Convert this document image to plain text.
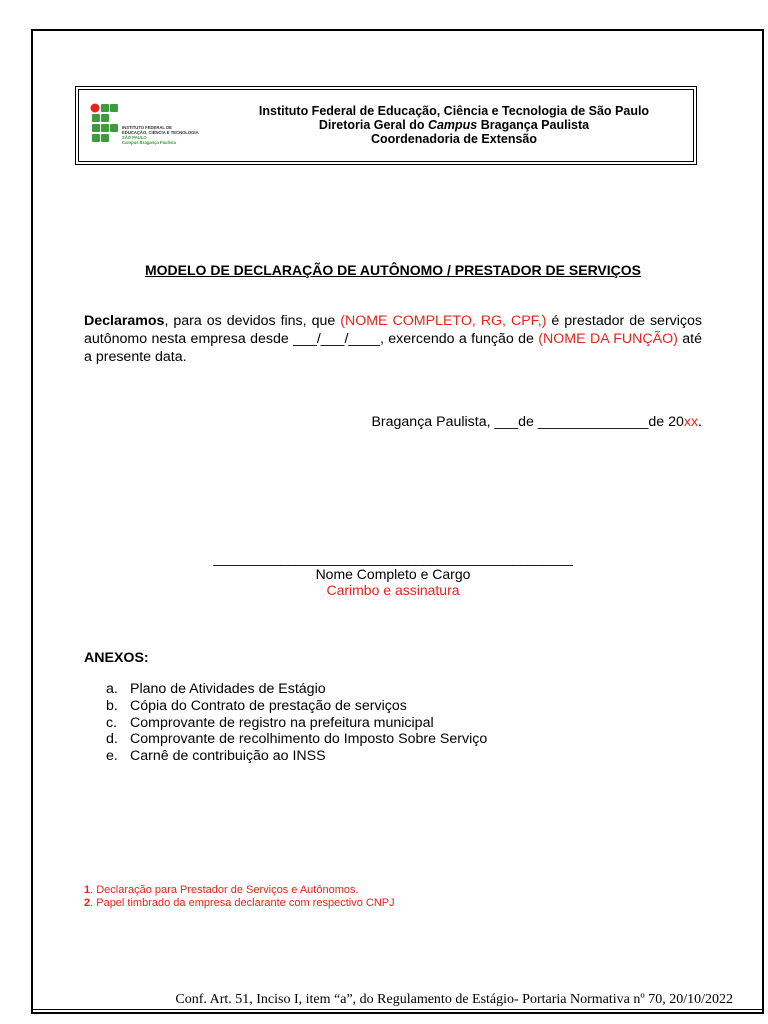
INSTITUTO FEDERAL DE
EDUCAÇÃO, CIÊNCIA E TECNOLOGIA
SÃO PAULO
Campus Bragança Paulista
Instituto Federal de Educação, Ciência e Tecnologia de São Paulo
Diretoria Geral do Campus Bragança Paulista
Coordenadoria de Extensão
MODELO DE DECLARAÇÃO DE AUTÔNOMO / PRESTADOR DE SERVIÇOS
Declaramos, para os devidos fins, que (NOME COMPLETO, RG, CPF,) é prestador de serviços autônomo nesta empresa desde ___/___/____, exercendo a função de (NOME DA FUNÇÃO) até a presente data.
Bragança Paulista, ___de ______________de 20xx.
________________________________________________
Nome Completo e Cargo
Carimbo e assinatura
ANEXOS:
a. Plano de Atividades de Estágio
b. Cópia do Contrato de prestação de serviços
c. Comprovante de registro na prefeitura municipal
d. Comprovante de recolhimento do Imposto Sobre Serviço
e. Carnê de contribuição ao INSS
1. Declaração para Prestador de Serviços e Autônomos.
2. Papel timbrado da empresa declarante com respectivo CNPJ
Conf. Art. 51, Inciso I, item “a”, do Regulamento de Estágio- Portaria Normativa nº 70, 20/10/2022
